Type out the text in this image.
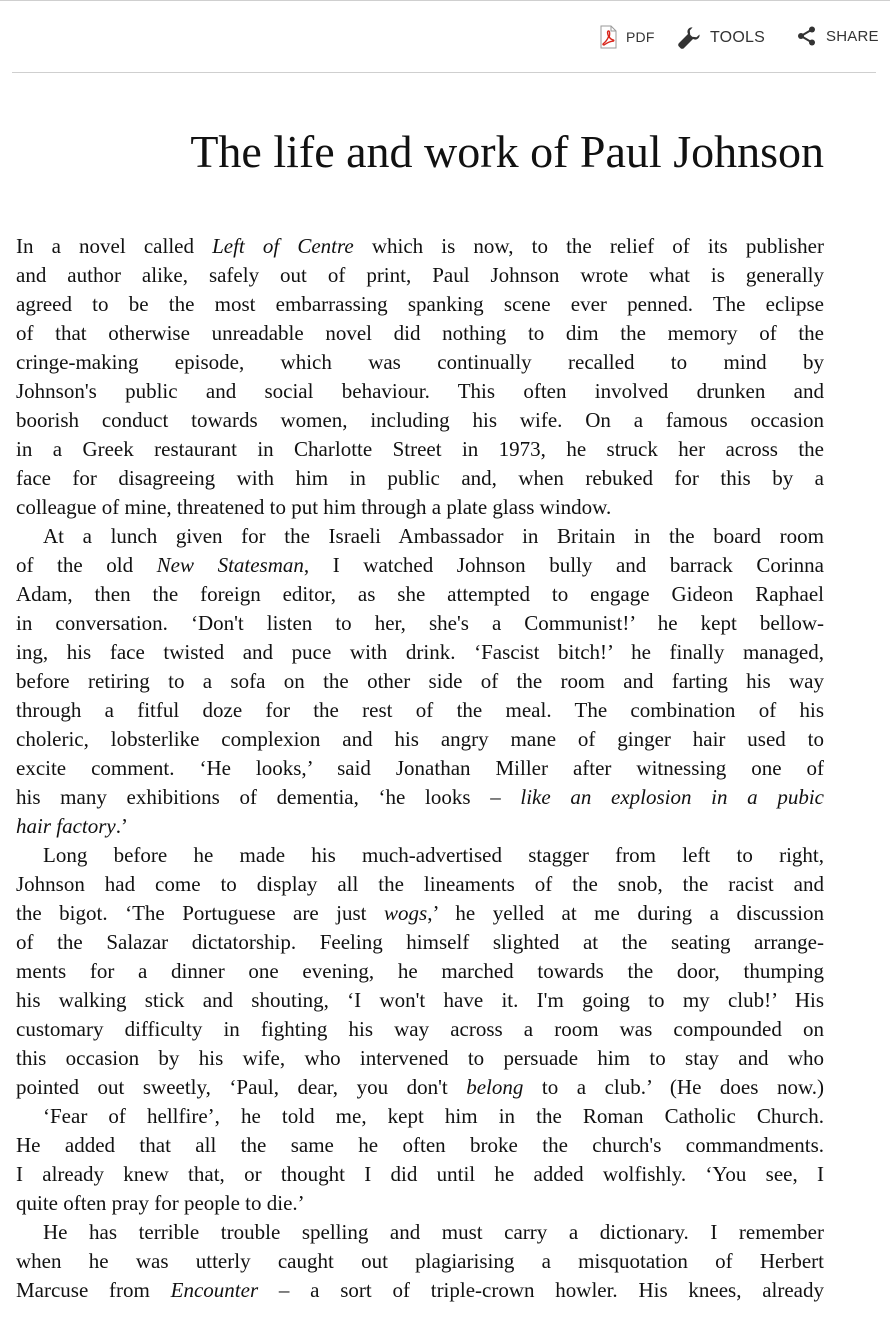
PDF	TOOLS	SHARE
The life and work of Paul Johnson
In a novel called Left of Centre which is now, to the relief of its publisher
and author alike, safely out of print, Paul Johnson wrote what is generally
agreed to be the most embarrassing spanking scene ever penned. The eclipse
of that otherwise unreadable novel did nothing to dim the memory of the
cringe-making episode, which was continually recalled to mind by
Johnson's public and social behaviour. This often involved drunken and
boorish conduct towards women, including his wife. On a famous occasion
in a Greek restaurant in Charlotte Street in 1973, he struck her across the
face for disagreeing with him in public and, when rebuked for this by a
colleague of mine, threatened to put him through a plate glass window.
At a lunch given for the Israeli Ambassador in Britain in the board room
of the old New Statesman, I watched Johnson bully and barrack Corinna
Adam, then the foreign editor, as she attempted to engage Gideon Raphael
in conversation. ‘Don't listen to her, she's a Communist!’ he kept bellow-
ing, his face twisted and puce with drink. ‘Fascist bitch!’ he finally managed,
before retiring to a sofa on the other side of the room and farting his way
through a fitful doze for the rest of the meal. The combination of his
choleric, lobsterlike complexion and his angry mane of ginger hair used to
excite comment. ‘He looks,’ said Jonathan Miller after witnessing one of
his many exhibitions of dementia, ‘he looks – like an explosion in a pubic
hair factory.’
Long before he made his much-advertised stagger from left to right,
Johnson had come to display all the lineaments of the snob, the racist and
the bigot. ‘The Portuguese are just wogs,’ he yelled at me during a discussion
of the Salazar dictatorship. Feeling himself slighted at the seating arrange-
ments for a dinner one evening, he marched towards the door, thumping
his walking stick and shouting, ‘I won't have it. I'm going to my club!’ His
customary difficulty in fighting his way across a room was compounded on
this occasion by his wife, who intervened to persuade him to stay and who
pointed out sweetly, ‘Paul, dear, you don't belong to a club.’ (He does now.)
‘Fear of hellfire’, he told me, kept him in the Roman Catholic Church.
He added that all the same he often broke the church's commandments.
I already knew that, or thought I did until he added wolfishly. ‘You see, I
quite often pray for people to die.’
He has terrible trouble spelling and must carry a dictionary. I remember
when he was utterly caught out plagiarising a misquotation of Herbert
Marcuse from Encounter – a sort of triple-crown howler. His knees, already
